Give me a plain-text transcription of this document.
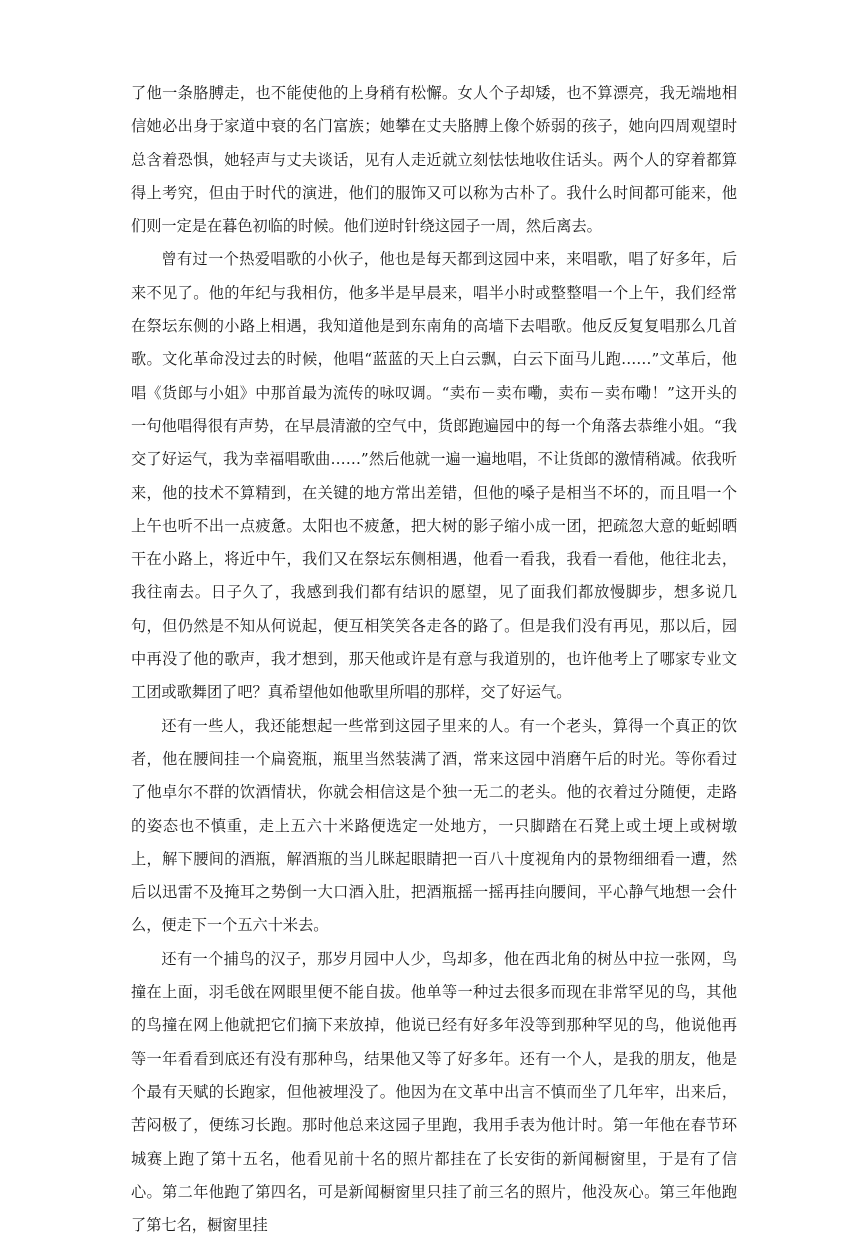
了他一条胳膊走，也不能使他的上身稍有松懈。女人个子却矮，也不算漂亮，我无端地相信她必出身于家道中衰的名门富族；她攀在丈夫胳膊上像个娇弱的孩子，她向四周观望时总含着恐惧，她轻声与丈夫谈话，见有人走近就立刻怯怯地收住话头。两个人的穿着都算得上考究，但由于时代的演进，他们的服饰又可以称为古朴了。我什么时间都可能来，他们则一定是在暮色初临的时候。他们逆时针绕这园子一周，然后离去。

曾有过一个热爱唱歌的小伙子，他也是每天都到这园中来，来唱歌，唱了好多年，后来不见了。他的年纪与我相仿，他多半是早晨来，唱半小时或整整唱一个上午，我们经常在祭坛东侧的小路上相遇，我知道他是到东南角的高墙下去唱歌。他反反复复唱那么几首歌。文化革命没过去的时候，他唱“蓝蓝的天上白云飘，白云下面马儿跑……”文革后，他唱《货郎与小姐》中那首最为流传的咏叹调。“卖布－卖布嘞，卖布－卖布嘞！”这开头的一句他唱得很有声势，在早晨清澈的空气中，货郎跑遍园中的每一个角落去恭维小姐。“我交了好运气，我为幸福唱歌曲……”然后他就一遍一遍地唱，不让货郎的激情稍减。依我听来，他的技术不算精到，在关键的地方常出差错，但他的嗓子是相当不坏的，而且唱一个上午也听不出一点疲惫。太阳也不疲惫，把大树的影子缩小成一团，把疏忽大意的蚯蚓晒干在小路上，将近中午，我们又在祭坛东侧相遇，他看一看我，我看一看他，他往北去，我往南去。日子久了，我感到我们都有结识的愿望，见了面我们都放慢脚步，想多说几句，但仍然是不知从何说起，便互相笑笑各走各的路了。但是我们没有再见，那以后，园中再没了他的歌声，我才想到，那天他或许是有意与我道别的，也许他考上了哪家专业文工团或歌舞团了吧？真希望他如他歌里所唱的那样，交了好运气。

还有一些人，我还能想起一些常到这园子里来的人。有一个老头，算得一个真正的饮者，他在腰间挂一个扁瓷瓶，瓶里当然装满了酒，常来这园中消磨午后的时光。等你看过了他卓尔不群的饮酒情状，你就会相信这是个独一无二的老头。他的衣着过分随便，走路的姿态也不慎重，走上五六十米路便选定一处地方，一只脚踏在石凳上或土埂上或树墩上，解下腰间的酒瓶，解酒瓶的当儿眯起眼睛把一百八十度视角内的景物细细看一遭，然后以迅雷不及掩耳之势倒一大口酒入肚，把酒瓶摇一摇再挂向腰间，平心静气地想一会什么，便走下一个五六十米去。

还有一个捕鸟的汉子，那岁月园中人少，鸟却多，他在西北角的树丛中拉一张网，鸟撞在上面，羽毛戗在网眼里便不能自拔。他单等一种过去很多而现在非常罕见的鸟，其他的鸟撞在网上他就把它们摘下来放掉，他说已经有好多年没等到那种罕见的鸟，他说他再等一年看看到底还有没有那种鸟，结果他又等了好多年。还有一个人，是我的朋友，他是个最有天赋的长跑家，但他被埋没了。他因为在文革中出言不慎而坐了几年牢，出来后，苦闷极了，便练习长跑。那时他总来这园子里跑，我用手表为他计时。第一年他在春节环城赛上跑了第十五名，他看见前十名的照片都挂在了长安街的新闻橱窗里，于是有了信心。第二年他跑了第四名，可是新闻橱窗里只挂了前三名的照片，他没灰心。第三年他跑了第七名，橱窗里挂
